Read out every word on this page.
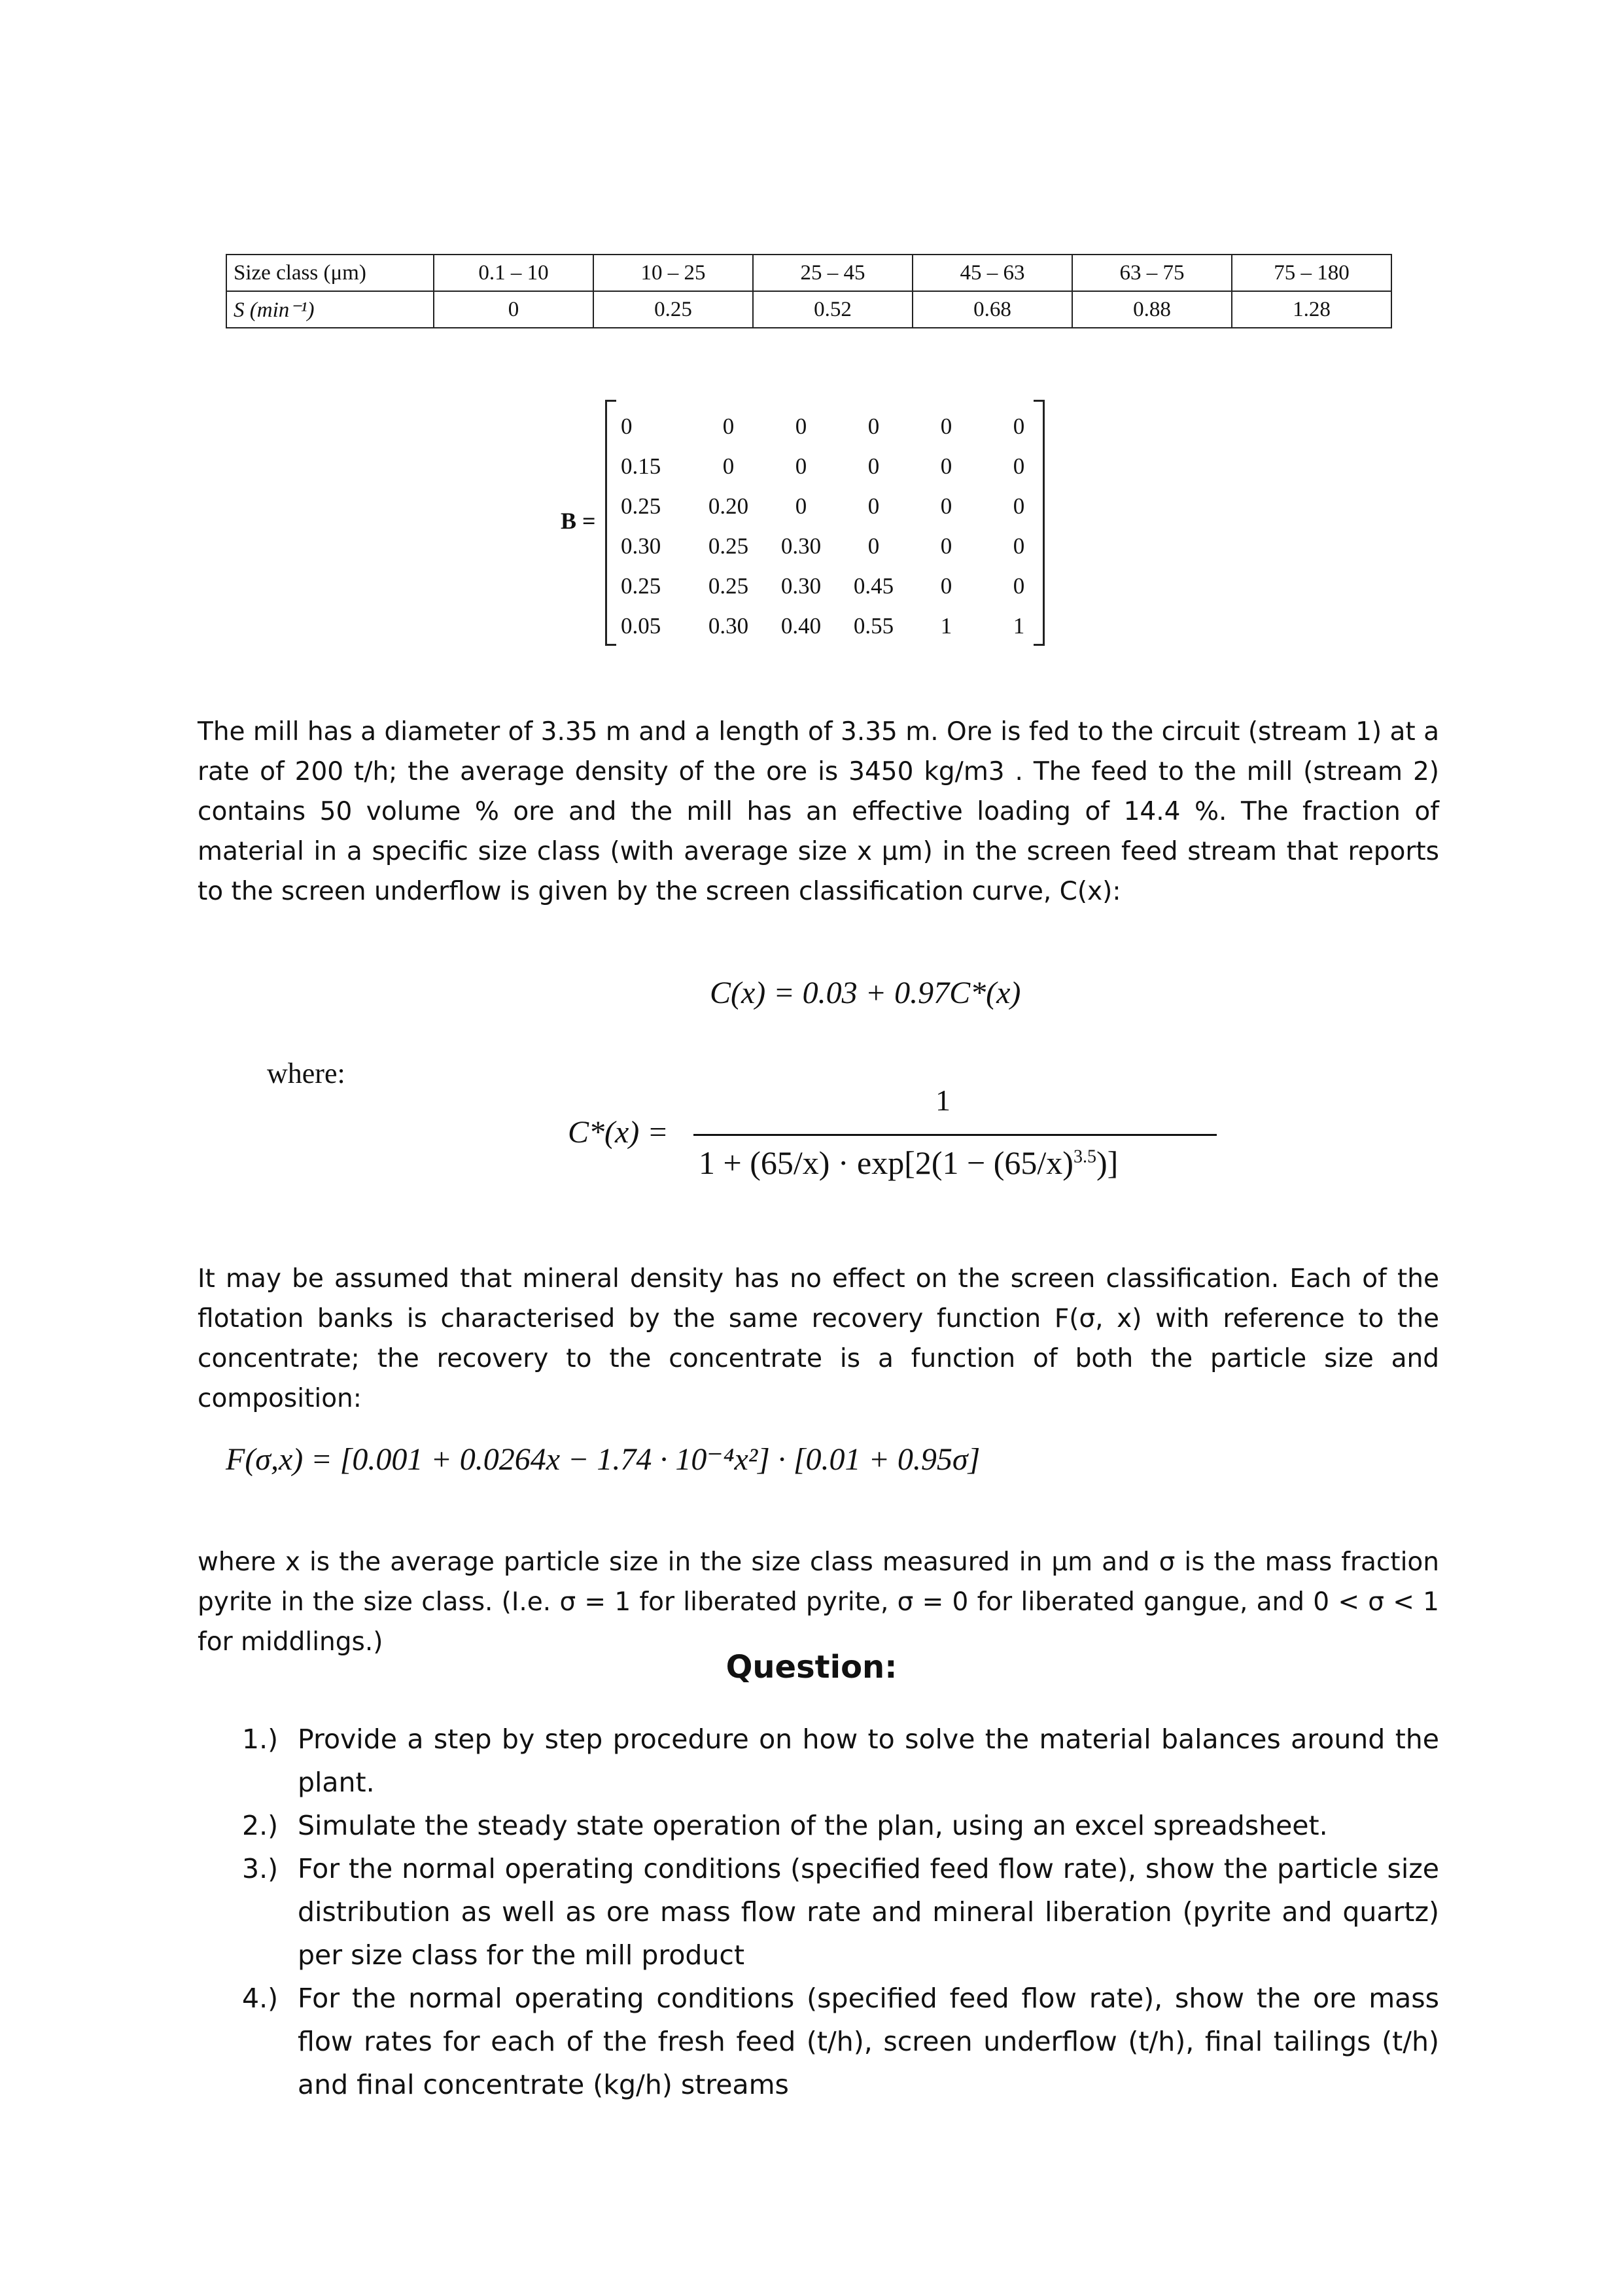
Size class (μm)	0.1 – 10	10 – 25	25 – 45	45 – 63	63 – 75	75 – 180
S (min⁻¹)	0	0.25	0.52	0.68	0.88	1.28
B =
0	0	0	0	0	0
0.15	0	0	0	0	0
0.25	0.20	0	0	0	0
0.30	0.25	0.30	0	0	0
0.25	0.25	0.30	0.45	0	0
0.05	0.30	0.40	0.55	1	1
The mill has a diameter of 3.35 m and a length of 3.35 m. Ore is fed to the circuit (stream 1) at a rate of 200 t/h; the average density of the ore is 3450 kg/m3 . The feed to the mill (stream 2) contains 50 volume % ore and the mill has an effective loading of 14.4 %. The fraction of material in a specific size class (with average size x μm) in the screen feed stream that reports to the screen underflow is given by the screen classification curve, C(x):
C(x) = 0.03 + 0.97C*(x)
where:
C*(x) =
1
$1 + (65/x) \cdot \exp[2(1 - (65/x)^{3.5})]$
It may be assumed that mineral density has no effect on the screen classification. Each of the flotation banks is characterised by the same recovery function F(σ, x) with reference to the concentrate; the recovery to the concentrate is a function of both the particle size and composition:
F(σ,x) = [0.001 + 0.0264x − 1.74 · 10⁻⁴x²] · [0.01 + 0.95σ]
where x is the average particle size in the size class measured in μm and σ is the mass fraction pyrite in the size class. (I.e. σ = 1 for liberated pyrite, σ = 0 for liberated gangue, and 0 < σ < 1 for middlings.)
Question:
1.) Provide a step by step procedure on how to solve the material balances around the plant.
2.) Simulate the steady state operation of the plan, using an excel spreadsheet.
3.) For the normal operating conditions (specified feed flow rate), show the particle size distribution as well as ore mass flow rate and mineral liberation (pyrite and quartz) per size class for the mill product
4.) For the normal operating conditions (specified feed flow rate), show the ore mass flow rates for each of the fresh feed (t/h), screen underflow (t/h), final tailings (t/h) and final concentrate (kg/h) streams
